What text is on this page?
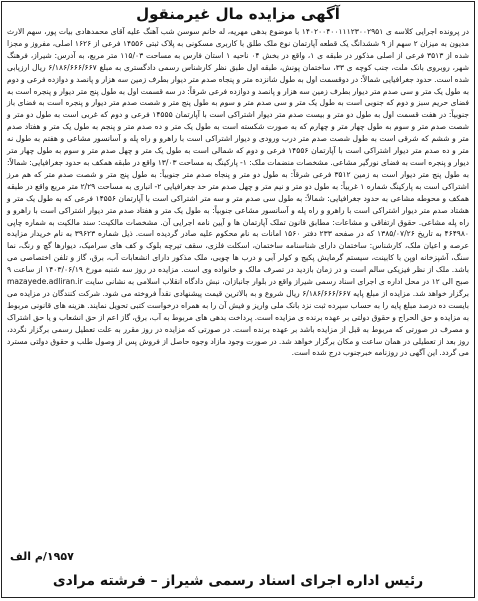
آگهی مزایده مال غیرمنقول
در پرونده اجرایی کلاسه ی ۱۴۰۲۰۰۴۰۰۱۱۱۲۳۰۰۲۹۵۱ با موضوع بدهی مهریه، له خانم سوسن شب آهنگ علیه آقای محمدهادی بیات پور، سهم الارث مدیون به میزان ۲ سهم از ۹ ششدانگ یک قطعه آپارتمان نوع ملک طلق با کاربری مسکونی به پلاک ثبتی ۱۴۵۵۶ فرعی از ۱۶۲۶ اصلی، مفروز و مجزا شده از ۳۵۱۳ فرعی از اصلی مذکور در طبقه ی ۱، واقع در بخش ۰۴ ناحیه ۱ استان فارس به مساحت ۱۱۵/۰۳ متر مربع، به آدرس: شیراز، فرهنگ شهر، روبروی بانک ملت، جنب کوچه ی ۳۳، ساختمان پونش، طبقه اول طبق نظر کارشناس رسمی دادگستری به مبلغ ۶/۱۸۶/۶۶۶/۶۶۷ ریال ارزیابی شده است. حدود جغرافیایی شمالاً: در دوقسمت اول به طول شانزده متر و پنجاه صدم متر دیوار بطرف زمین سه هزار و پانصد و دوازده فرعی و دوم به طول یک متر و سی صدم متر دیوار بطرف زمین سه هزار و پانصد و دوازده فرعی شرقاً: در سه قسمت اول به طول پنج متر دیوار و پنجره است به فضای حریم سبز و دوم که جنوبی است به طول یک متر و سی صدم متر و سوم به طول پنج متر و شصت صدم متر دیوار و پنجره است به فضای باز جنوبیاً: در هفت قسمت اول به طول دو متر و بیست صدم متر دیوار اشتراکی است با آپارتمان ۱۴۵۵۵ فرعی و دوم که غربی است به طول دو متر و شصت صدم متر و سوم به طول چهار متر و چهارم که به صورت شکسته است به طول یک متر و ده صدم متر و پنجم به طول یک متر و هفتاد صدم متر و ششم که شرقی است به طول شصت صدم متر درب ورودی و دیوار اشتراکی است با راهرو و راه پله و آسانسور مشاعی و هفتم به طول نه متر و ده صدم متر دیوار اشتراکی است با آپارتمان ۱۴۵۵۶ فرعی و دوم که شمالی است به طول یک متر و چهل صدم متر و سوم به طول چهار متر دیوار و پنجره است به فضای نورگیر مشاعی. مشخصات منضمات ملک: ۱- پارکینگ به مساحت ۱۳/۰۳ واقع در طبقه همکف به حدود جغرافیایی: شمالاً: به طول پنج متر دیوار است به زمین ۳۵۱۲ فرعی شرقاً: به طول دو متر و پنجاه صدم متر جنوبیاً: به طول پنج متر و شصت صدم متر که هم مرز اشتراکی است به پارکینگ شماره ۱ غربیاً: به طول دو متر و نیم متر و چهل صدم متر حد جغرافیایی ۲- انباری به مساحت ۲/۲۹ متر مربع واقع در طبقه همکف و محوطه مشاعی به حدود جغرافیایی: شمالاً: به طول سی صدم متر و سه متر اشتراکی است با آپارتمان ۱۴۵۵۶ فرعی که به طول یک متر و هشتاد صدم متر دیوار اشتراکی است با راهرو و راه پله و آسانسور مشاعی جنوبیاً: به طول یک متر و هفتاد صدم متر دیوار اشتراکی است با راهرو و راه پله مشاعی. حقوق ارتفاقی و مشاعات: مطابق قانون تملک آپارتمان ها و آیین نامه اجرایی آن. مشخصات مالکیت: سند مالکیت به شماره چاپی ۴۶۴۹۸۰ به تاریخ ۱۳۸۵/۰۷/۲۶ که در صفحه ۲۳۳ دفتر ۱۵۶۰ امانات به نام محکوم علیه صادر گردیده است. ذیل شماره ۳۹۶۲۳ به نام خریدار مزایده عرصه و اعیان ملک، کارشناس: ساختمان دارای شناسنامه ساختمان، اسکلت فلزی، سقف تیرچه بلوک و کف های سرامیک، دیوارها گچ و رنگ، نما سنگ، آشپزخانه اوپن با کابینت، سیستم گرمایش پکیج و کولر آبی و درب ها چوبی، ملک مذکور دارای انشعابات آب، برق، گاز و تلفن اختصاصی می باشد. ملک از نظر فیزیکی سالم است و در زمان بازدید در تصرف مالک و خانواده وی است. مزایده در روز سه شنبه مورخ ۱۴۰۳/۰۶/۱۹ از ساعت ۹ صبح الی ۱۲ در محل اداره ی اجرای اسناد رسمی شیراز واقع در بلوار جانبازان، نبش دادگاه انقلاب اسلامی به نشانی سایت mazayede.adliran.ir برگزار خواهد شد. مزایده از مبلغ پایه ۶/۱۸۶/۶۶۶/۶۶۷ ریال شروع و به بالاترین قیمت پیشنهادی نقداً فروخته می شود. شرکت کنندگان در مزایده می بایست ده درصد مبلغ پایه را به حساب سپرده ثبت نزد بانک ملی واریز و فیش آن را به همراه درخواست کتبی تحویل نمایند. هزینه های قانونی مربوط به مزایده و حق الحراج و حقوق دولتی بر عهده برنده ی مزایده است. پرداخت بدهی های مربوط به آب، برق، گاز اعم از حق انشعاب و یا حق اشتراک و مصرف در صورتی که مربوط به قبل از مزایده باشد بر عهده برنده است. در صورتی که مزایده در روز مقرر به علت تعطیل رسمی برگزار نگردد، روز بعد از تعطیلی در همان ساعت و مکان برگزار خواهد شد. در صورت وجود مازاد وجوه حاصل از فروش پس از وصول طلب و حقوق دولتی مسترد می گردد. این آگهی در روزنامه خبرجنوب درج شده است.
۱۹۵۷/م الف
رئیس اداره اجرای اسناد رسمی شیراز – فرشته مرادی
